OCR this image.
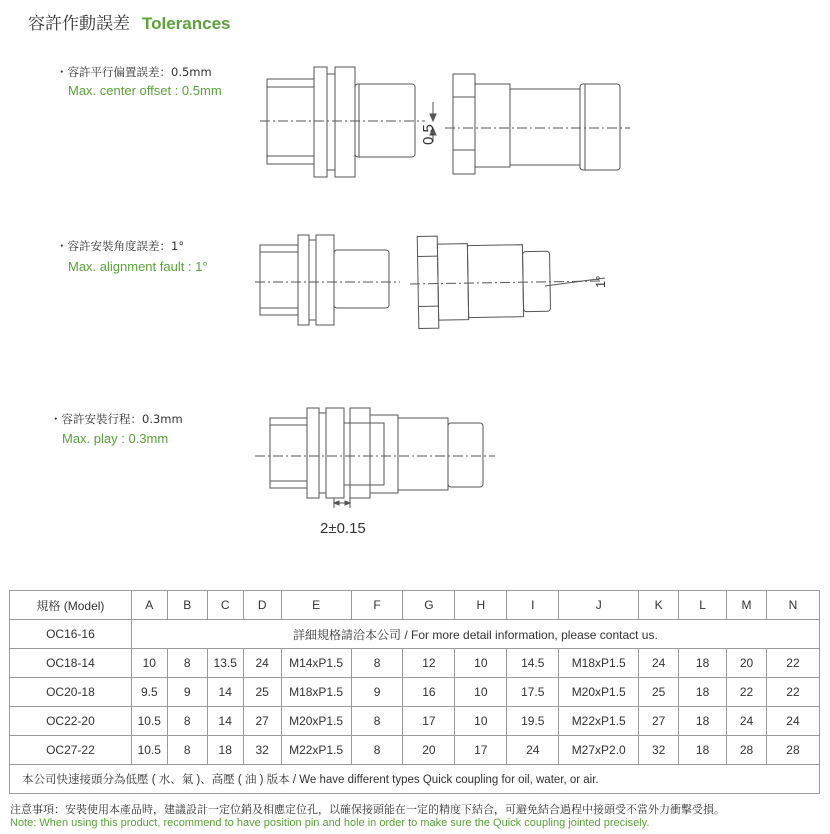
容許作動誤差 Tolerances
・容許平行偏置誤差：0.5mm
Max. center offset : 0.5mm
0.5
・容許安裝角度誤差：1°
Max. alignment fault : 1°
1°
・容許安裝行程：0.3mm
Max. play : 0.3mm
2±0.15
規格 (Model)	A	B	C	D	E	F	G	H	I	J	K	L	M	N
OC16-16	詳細規格請洽本公司 / For more detail information, please contact us.													
OC18-14	10	8	13.5	24	M14xP1.5	8	12	10	14.5	M18xP1.5	24	18	20	22
OC20-18	9.5	9	14	25	M18xP1.5	9	16	10	17.5	M20xP1.5	25	18	22	22
OC22-20	10.5	8	14	27	M20xP1.5	8	17	10	19.5	M22xP1.5	27	18	24	24
OC27-22	10.5	8	18	32	M22xP1.5	8	20	17	24	M27xP2.0	32	18	28	28
本公司快速接頭分為低壓 ( 水、氣 )、高壓 ( 油 ) 版本 / We have different types Quick coupling for oil, water, or air.														
注意事項：安裝使用本產品時，建議設計一定位銷及相應定位孔，以確保接頭能在一定的精度下結合，可避免結合過程中接頭受不當外力衝擊受損。
Note: When using this product, recommend to have position pin and hole in order to make sure the Quick coupling jointed precisely.
